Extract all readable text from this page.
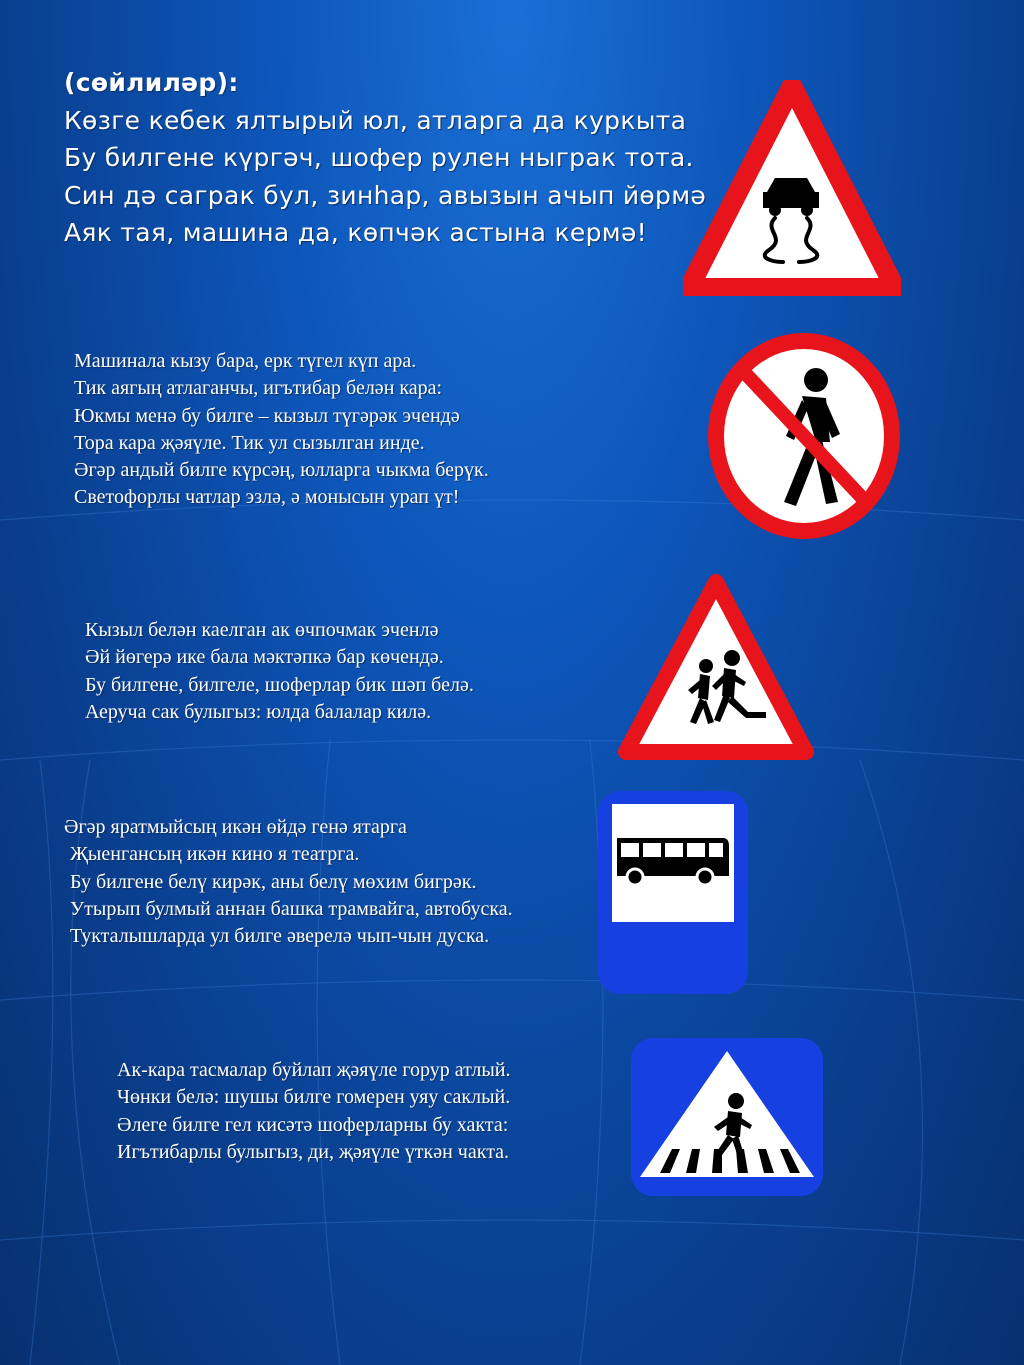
(сөйлиләр):
Көзге кебек ялтырый юл, атларга да куркыта
Бу билгене күргәч, шофер рулен ныграк тота.
Син дә саграк бул, зинһар, авызын ачып йөрмә
Аяк тая, машина да, көпчәк астына кермә!
Машинала кызу бара, ерк түгел күп ара.
Тик аягың атлаганчы, игътибар белән кара:
Юкмы менә бу билге – кызыл түгәрәк эчендә
Тора кара җәяүле. Тик ул сызылган инде.
Әгәр андый билге күрсәң, юлларга чыкма берүк.
Светофорлы чатлар эзлә, ә монысын урап үт!
Кызыл белән каелган ак өчпочмак эченлә
Әй йөгерә ике бала мәктәпкә бар көчендә.
Бу билгене, билгеле, шоферлар бик шәп белә.
Аеруча сак булыгыз: юлда балалар килә.
Әгәр яратмыйсың икән өйдә генә ятарга
Җыенгансың икән кино я театрга.
Бу билгене белү кирәк, аны белү мөхим бигрәк.
Утырып булмый аннан башка трамвайга, автобуска.
Тукталышларда ул билге әверелә чып-чын дуска.
Ак-кара тасмалар буйлап җәяүле горур атлый.
Чөнки белә: шушы билге гомерен уяу саклый.
Әлеге билге гел кисәтә шоферларны бу хакта:
Игътибарлы булыгыз, ди, җәяүле үткән чакта.
